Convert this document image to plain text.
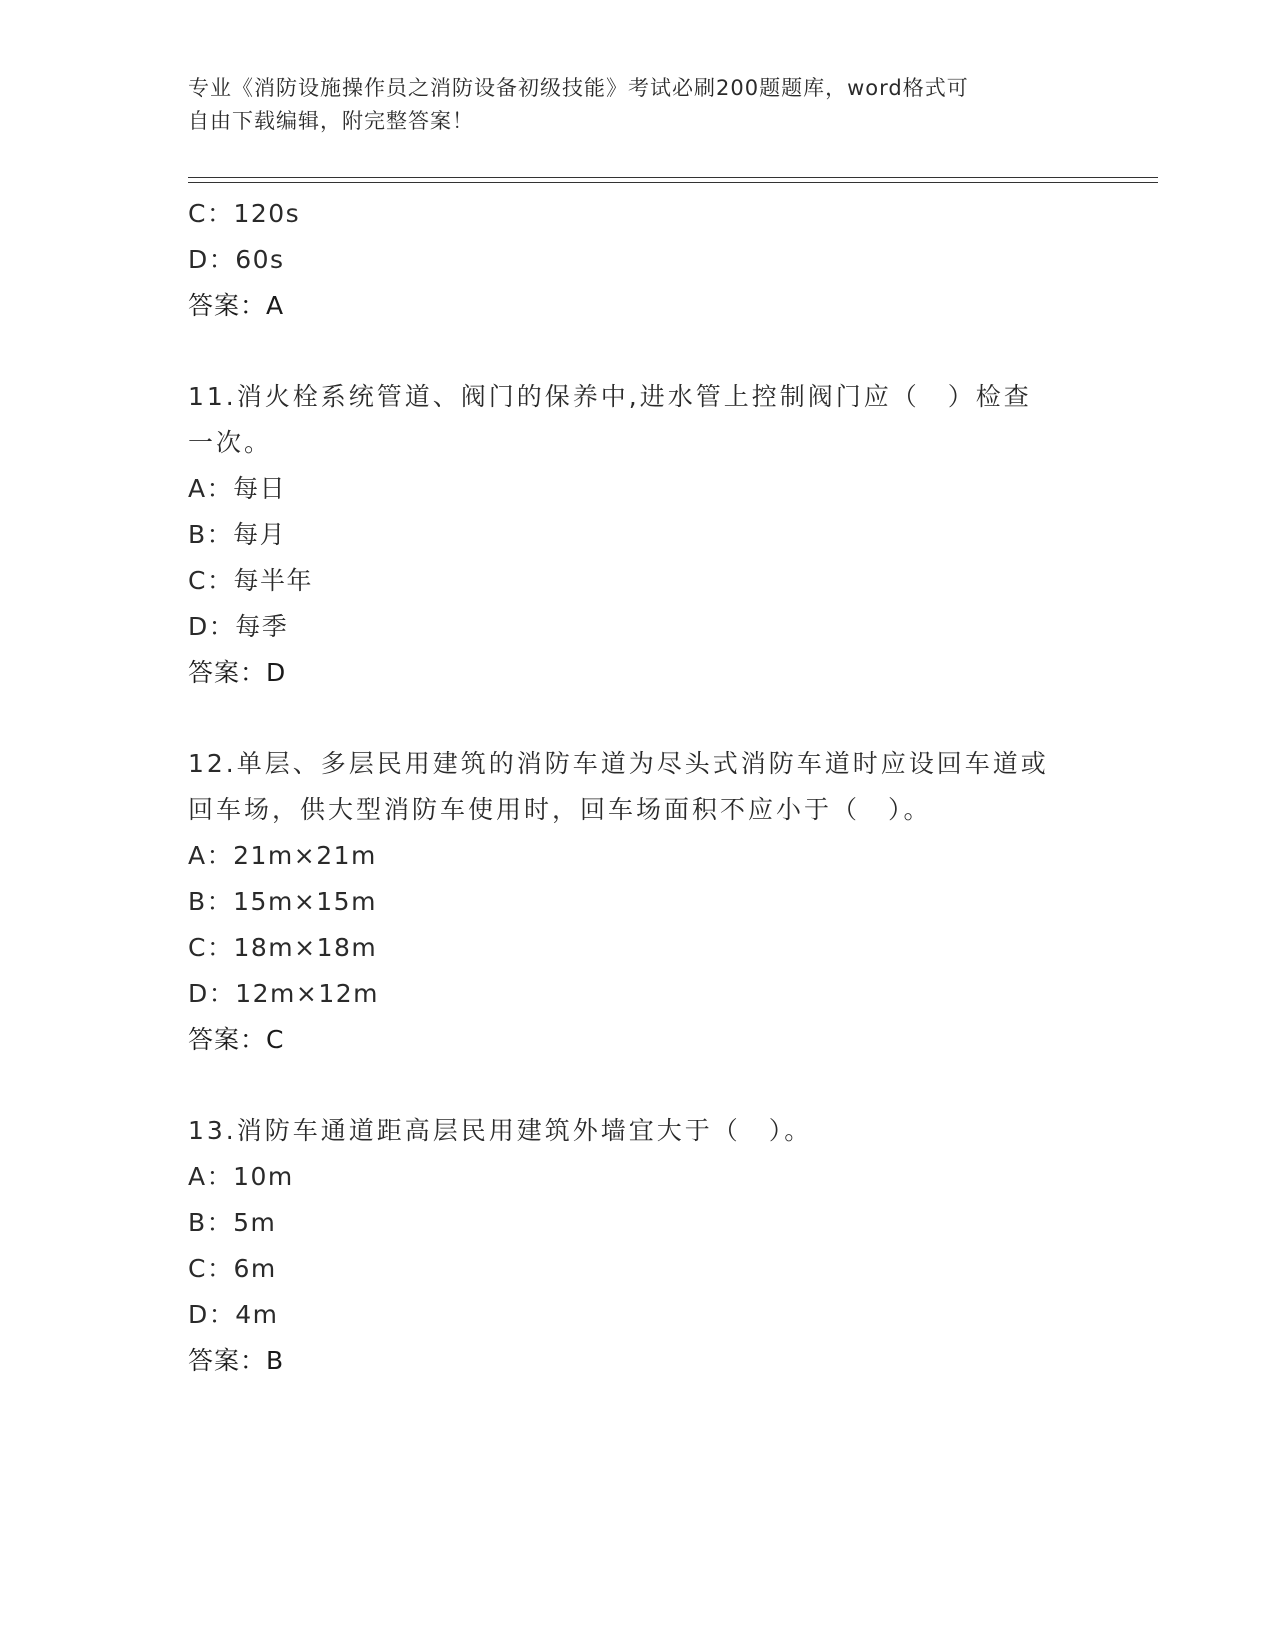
专业《消防设施操作员之消防设备初级技能》考试必刷200题题库，word格式可
自由下载编辑，附完整答案！
C：120s
D：60s
答案：A
11.消火栓系统管道、阀门的保养中,进水管上控制阀门应（　）检查
一次。
A：每日
B：每月
C：每半年
D：每季
答案：D
12.单层、多层民用建筑的消防车道为尽头式消防车道时应设回车道或
回车场，供大型消防车使用时，回车场面积不应小于（　）。
A：21m×21m
B：15m×15m
C：18m×18m
D：12m×12m
答案：C
13.消防车通道距高层民用建筑外墙宜大于（　）。
A：10m
B：5m
C：6m
D：4m
答案：B
